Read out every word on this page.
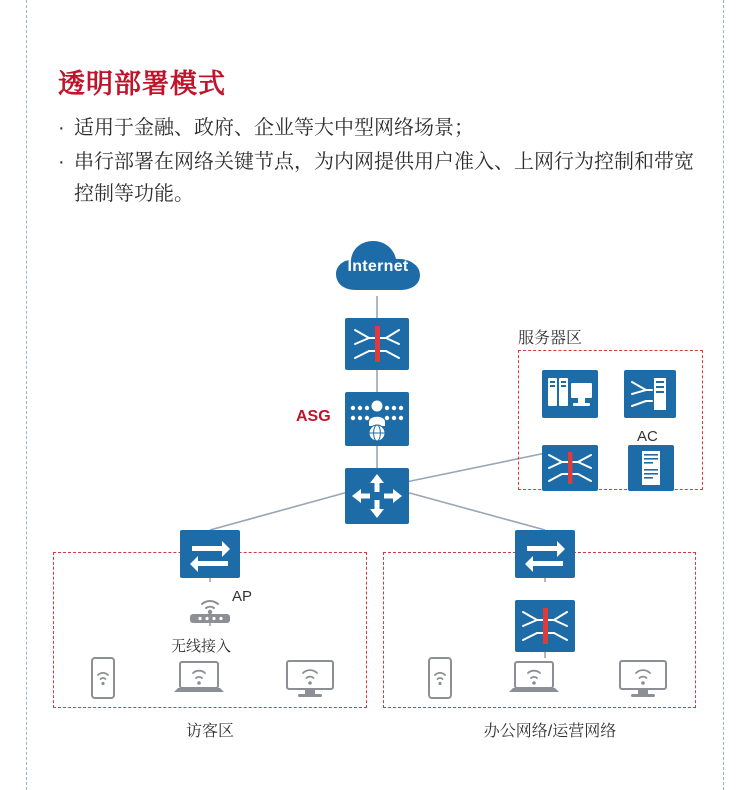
透明部署模式
· 适用于金融、政府、企业等大中型网络场景；
· 串行部署在网络关键节点，为内网提供用户准入、上网行为控制和带宽控制等功能。
Internet
服务器区
AC
ASG
AP
无线接入
访客区	办公网络/运营网络
